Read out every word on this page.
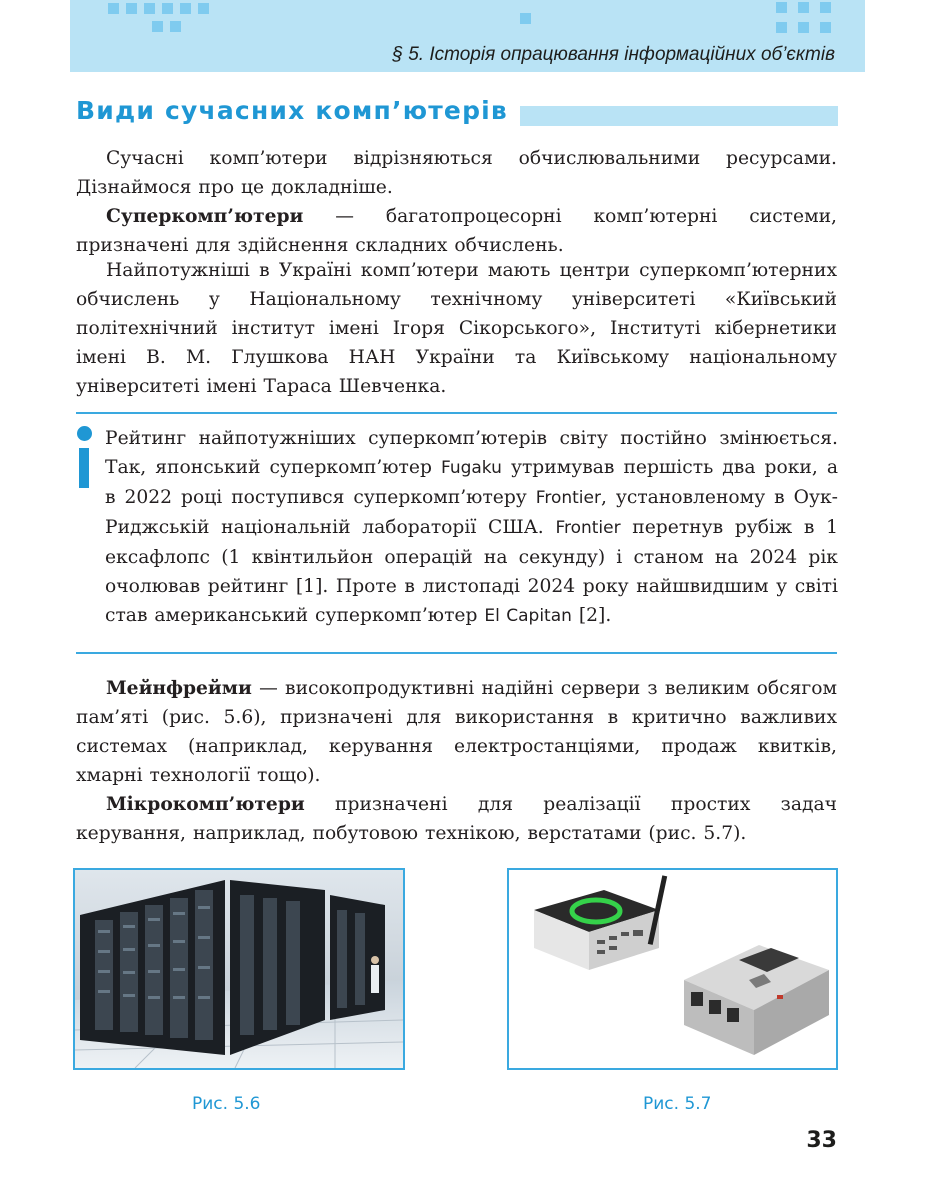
§ 5. Історія опрацювання інформаційних об’єктів
Види сучасних комп’ютерів

Сучасні комп’ютери відрізняються обчислювальними ресурсами. Дізнаймося про це докладніше.

Суперкомп’ютери — багатопроцесорні комп’ютерні системи, призначені для здійснення складних обчислень.

Найпотужніші в Україні комп’ютери мають центри суперкомп’ютерних обчислень у Національному технічному університеті «Київський політехнічний інститут імені Ігоря Сікорського», Інституті кібернетики імені В. М. Глушкова НАН України та Київському національному університеті імені Тараса Шевченка.

Рейтинг найпотужніших суперкомп’ютерів світу постійно змінюється. Так, японський суперкомп’ютер Fugaku утримував першість два роки, а в 2022 році поступився суперкомп’ютеру Frontier, установленому в Оук-Риджській національній лабораторії США. Frontier перетнув рубіж в 1 ексафлопс (1 квінтильйон операцій на секунду) і станом на 2024 рік очолював рейтинг [1]. Проте в листопаді 2024 року найшвидшим у світі став американський суперкомп’ютер El Capitan [2].

Мейнфрейми — високопродуктивні надійні сервери з великим обсягом пам’яті (рис. 5.6), призначені для використання в критично важливих системах (наприклад, керування електростанціями, продаж квитків, хмарні технології тощо).

Мікрокомп’ютери призначені для реалізації простих задач керування, наприклад, побутовою технікою, верстатами (рис. 5.7).

Рис. 5.6	Рис. 5.7
33
